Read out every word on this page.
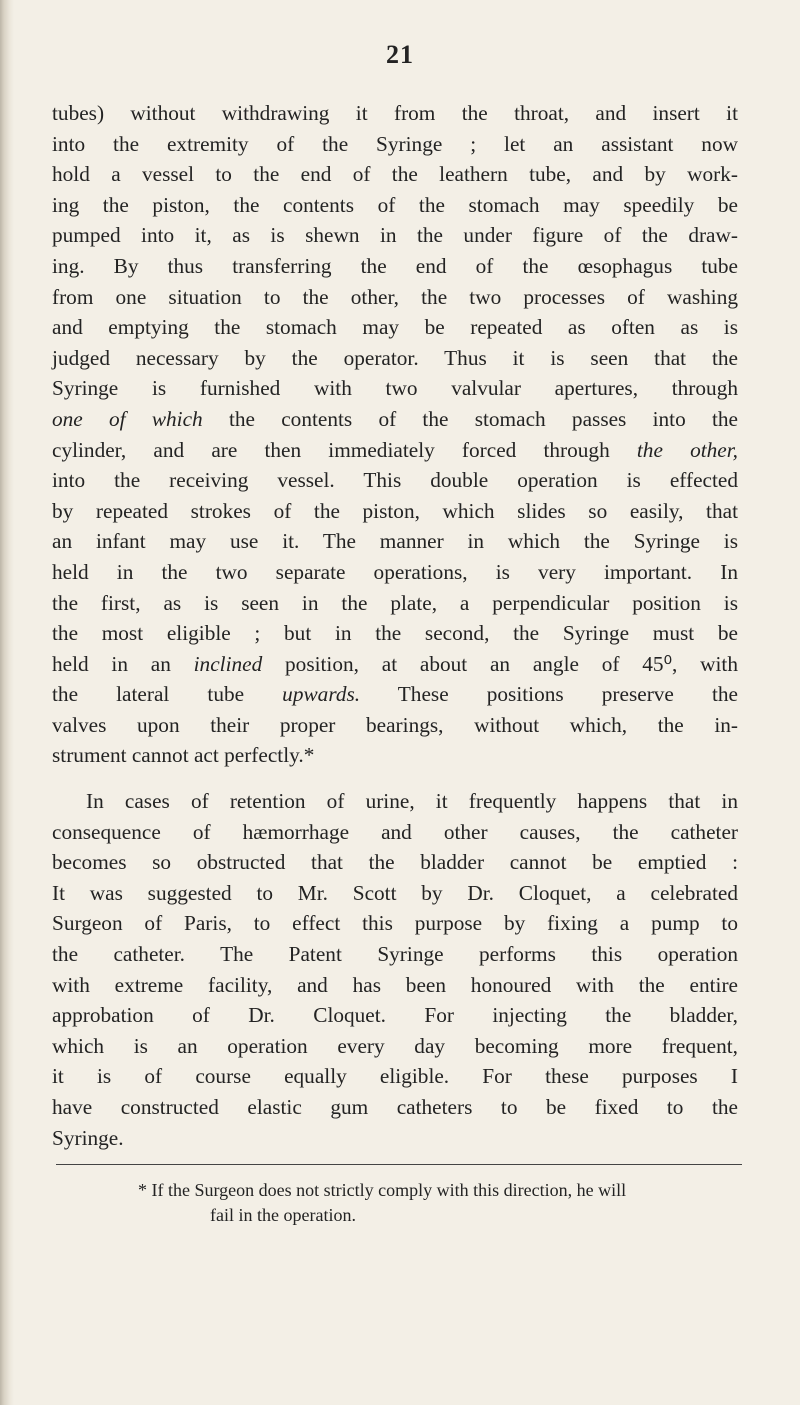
21
tubes) without withdrawing it from the throat, and insert it
into the extremity of the Syringe ; let an assistant now
hold a vessel to the end of the leathern tube, and by work-
ing the piston, the contents of the stomach may speedily be
pumped into it, as is shewn in the under figure of the draw-
ing. By thus transferring the end of the œsophagus tube
from one situation to the other, the two processes of washing
and emptying the stomach may be repeated as often as is
judged necessary by the operator. Thus it is seen that the
Syringe is furnished with two valvular apertures, through
one of which the contents of the stomach passes into the
cylinder, and are then immediately forced through the other,
into the receiving vessel. This double operation is effected
by repeated strokes of the piston, which slides so easily, that
an infant may use it. The manner in which the Syringe is
held in the two separate operations, is very important. In
the first, as is seen in the plate, a perpendicular position is
the most eligible ; but in the second, the Syringe must be
held in an inclined position, at about an angle of 45⁰, with
the lateral tube upwards. These positions preserve the
valves upon their proper bearings, without which, the in-
strument cannot act perfectly.*
In cases of retention of urine, it frequently happens that in
consequence of hæmorrhage and other causes, the catheter
becomes so obstructed that the bladder cannot be emptied :
It was suggested to Mr. Scott by Dr. Cloquet, a celebrated
Surgeon of Paris, to effect this purpose by fixing a pump to
the catheter. The Patent Syringe performs this operation
with extreme facility, and has been honoured with the entire
approbation of Dr. Cloquet. For injecting the bladder,
which is an operation every day becoming more frequent,
it is of course equally eligible. For these purposes I
have constructed elastic gum catheters to be fixed to the
Syringe.
* If the Surgeon does not strictly comply with this direction, he will
fail in the operation.
